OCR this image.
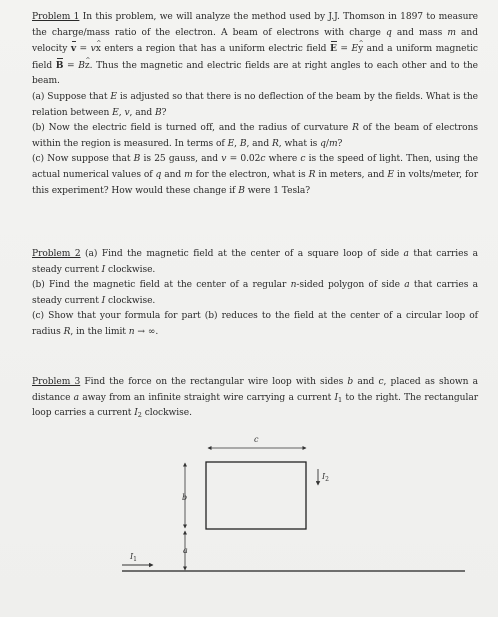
Problem 1 In this problem, we will analyze the method used by J.J. Thomson in 1897 to measure the charge/mass ratio of the electron. A beam of electrons with charge q and mass m and velocity v = v^ x enters a region that has a uniform electric field E = E^ y and a uniform magnetic field B = B^ z. Thus the magnetic and electric fields are at right angles to each other and to the beam.

(a) Suppose that E is adjusted so that there is no deflection of the beam by the fields. What is the relation between E, v, and B?

(b) Now the electric field is turned off, and the radius of curvature R of the beam of electrons within the region is measured. In terms of E, B, and R, what is q/m?

(c) Now suppose that B is 25 gauss, and v = 0.02c where c is the speed of light. Then, using the actual numerical values of q and m for the electron, what is R in meters, and E in volts/meter, for this experiment? How would these change if B were 1 Tesla?

Problem 2 (a) Find the magnetic field at the center of a square loop of side a that carries a steady current I clockwise.

(b) Find the magnetic field at the center of a regular n-sided polygon of side a that carries a steady current I clockwise.

(c) Show that your formula for part (b) reduces to the field at the center of a circular loop of radius R, in the limit n → ∞.

Problem 3 Find the force on the rectangular wire loop with sides b and c, placed as shown a distance a away from an infinite straight wire carrying a current $I_1$ to the right. The rectangular loop carries a current $I_2$ clockwise.

c
b
a
$I_2$
$I_1$
